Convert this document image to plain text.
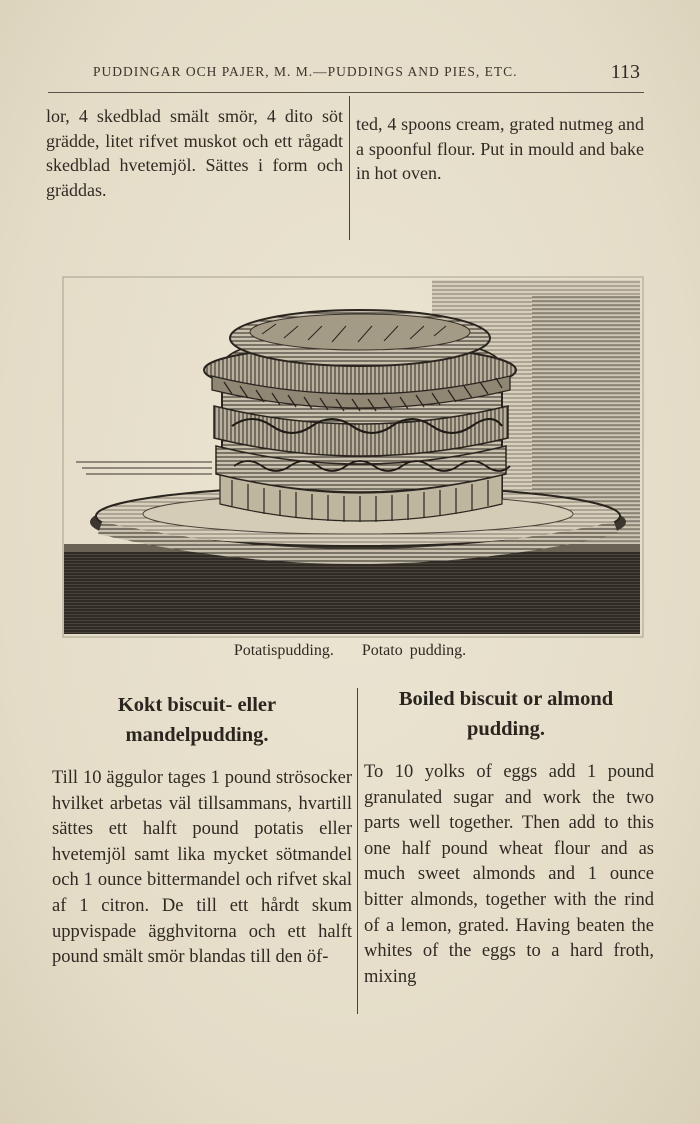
PUDDINGAR OCH PAJER, M. M.—PUDDINGS AND PIES, ETC.	113
lor, 4 skedblad smält smör, 4 dito söt grädde, litet rifvet muskot och ett rågadt skedblad hvetemjöl. Sättes i form och gräddas.
ted, 4 spoons cream, grated nutmeg and a spoonful flour. Put in mould and bake in hot oven.
Potatispudding. Potato pudding.
Kokt biscuit- eller mandelpudding.
Boiled biscuit or almond pudding.
Till 10 äggulor tages 1 pound strösocker hvilket arbetas väl tillsammans, hvartill sättes ett halft pound potatis eller hvetemjöl samt lika mycket sötmandel och 1 ounce bittermandel och rifvet skal af 1 citron. De till ett hårdt skum uppvispade ägghvitorna och ett halft pound smält smör blandas till den öf-
To 10 yolks of eggs add 1 pound granulated sugar and work the two parts well together. Then add to this one half pound wheat flour and as much sweet almonds and 1 ounce bitter almonds, together with the rind of a lemon, grated. Having beaten the whites of the eggs to a hard froth, mixing
